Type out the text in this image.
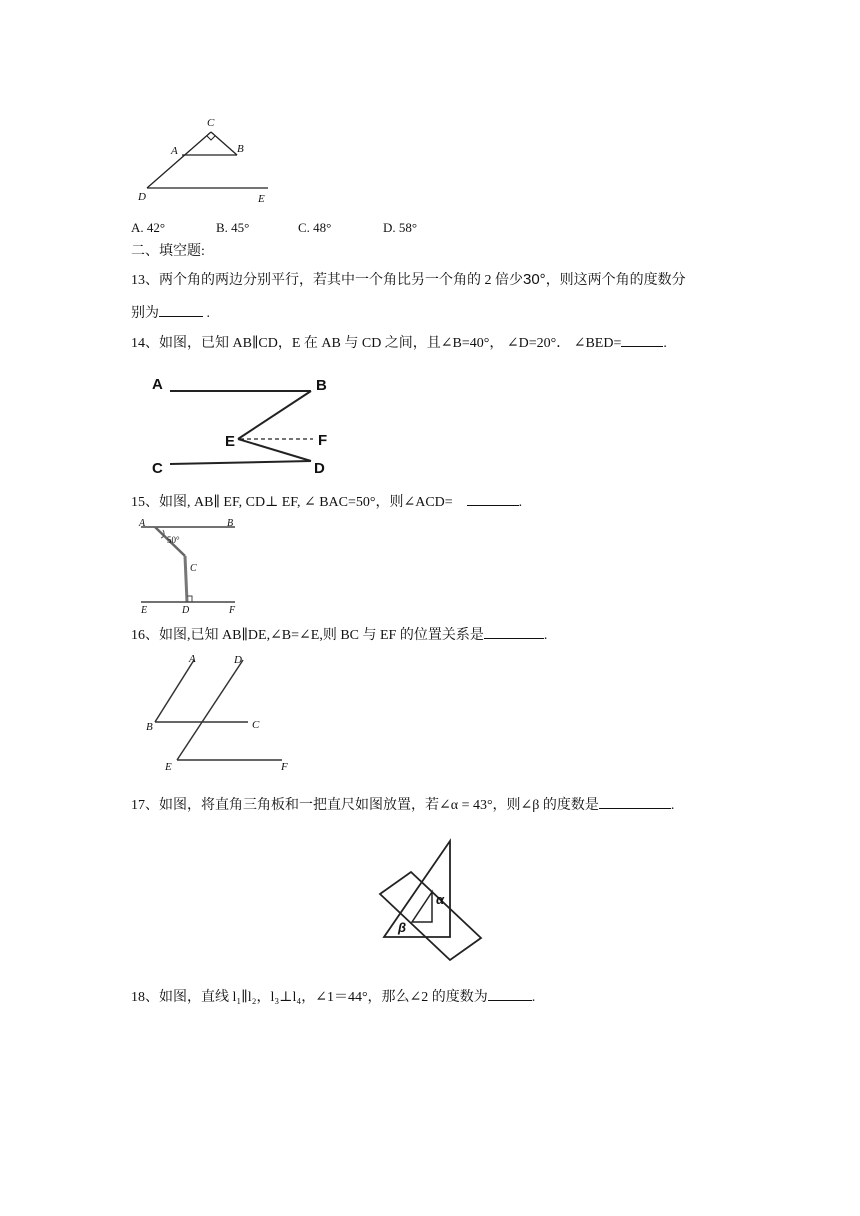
C
A	B
D	E
A. 42°	B. 45°	C. 48°	D. 58°
二、填空题:
13、两个角的两边分别平行，若其中一个角比另一个角的 2 倍少30°，则这两个角的度数分
别为	.
14、如图，已知 AB∥CD，E 在 AB 与 CD 之间，且∠B=40°， ∠D=20°． ∠BED=	.
A	B
E	F
C	D
15、如图, AB∥ EF, CD⊥ EF, ∠ BAC=50°，则∠ACD=	.
A	B
50°
C
E	D	F
16、如图,已知 AB∥DE,∠B=∠E,则 BC 与 EF 的位置关系是	.
A	D
B	C
E	F
17、如图，将直角三角板和一把直尺如图放置，若∠α = 43°，则∠β 的度数是	.
α
β
18、如图，直线 l₁∥l₂，l₃⊥l₄，∠1＝44°，那么∠2 的度数为	.
